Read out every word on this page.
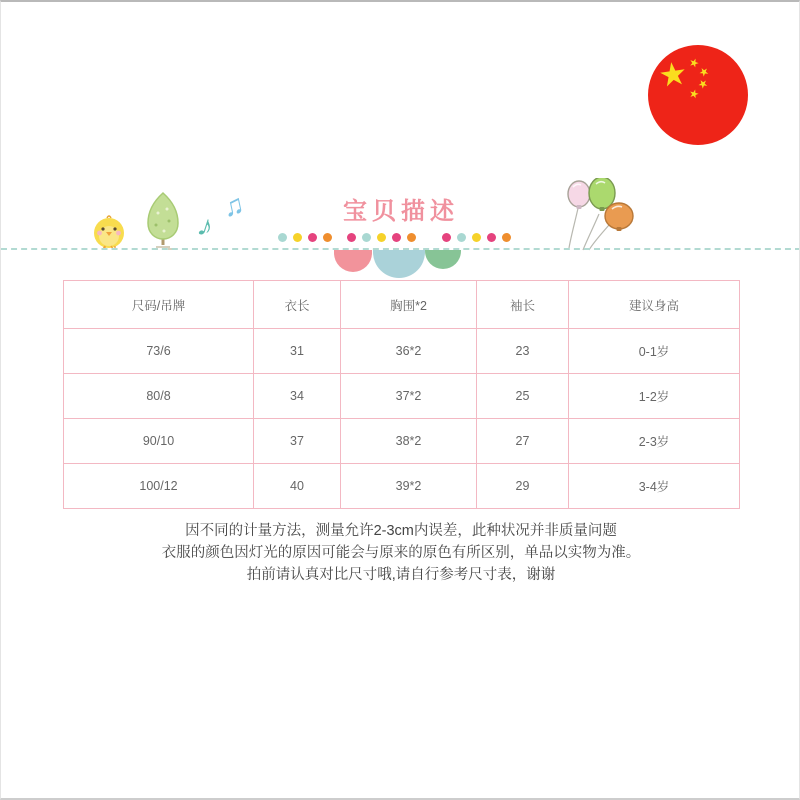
宝贝描述
♪
♫
尺码/吊牌	衣长	胸围*2	袖长	建议身高
73/6	31	36*2	23	0-1岁
80/8	34	37*2	25	1-2岁
90/10	37	38*2	27	2-3岁
100/12	40	39*2	29	3-4岁
因不同的计量方法，测量允许2-3cm内误差，此种状况并非质量问题
衣服的颜色因灯光的原因可能会与原来的原色有所区别，单品以实物为准。
拍前请认真对比尺寸哦,请自行参考尺寸表，谢谢
